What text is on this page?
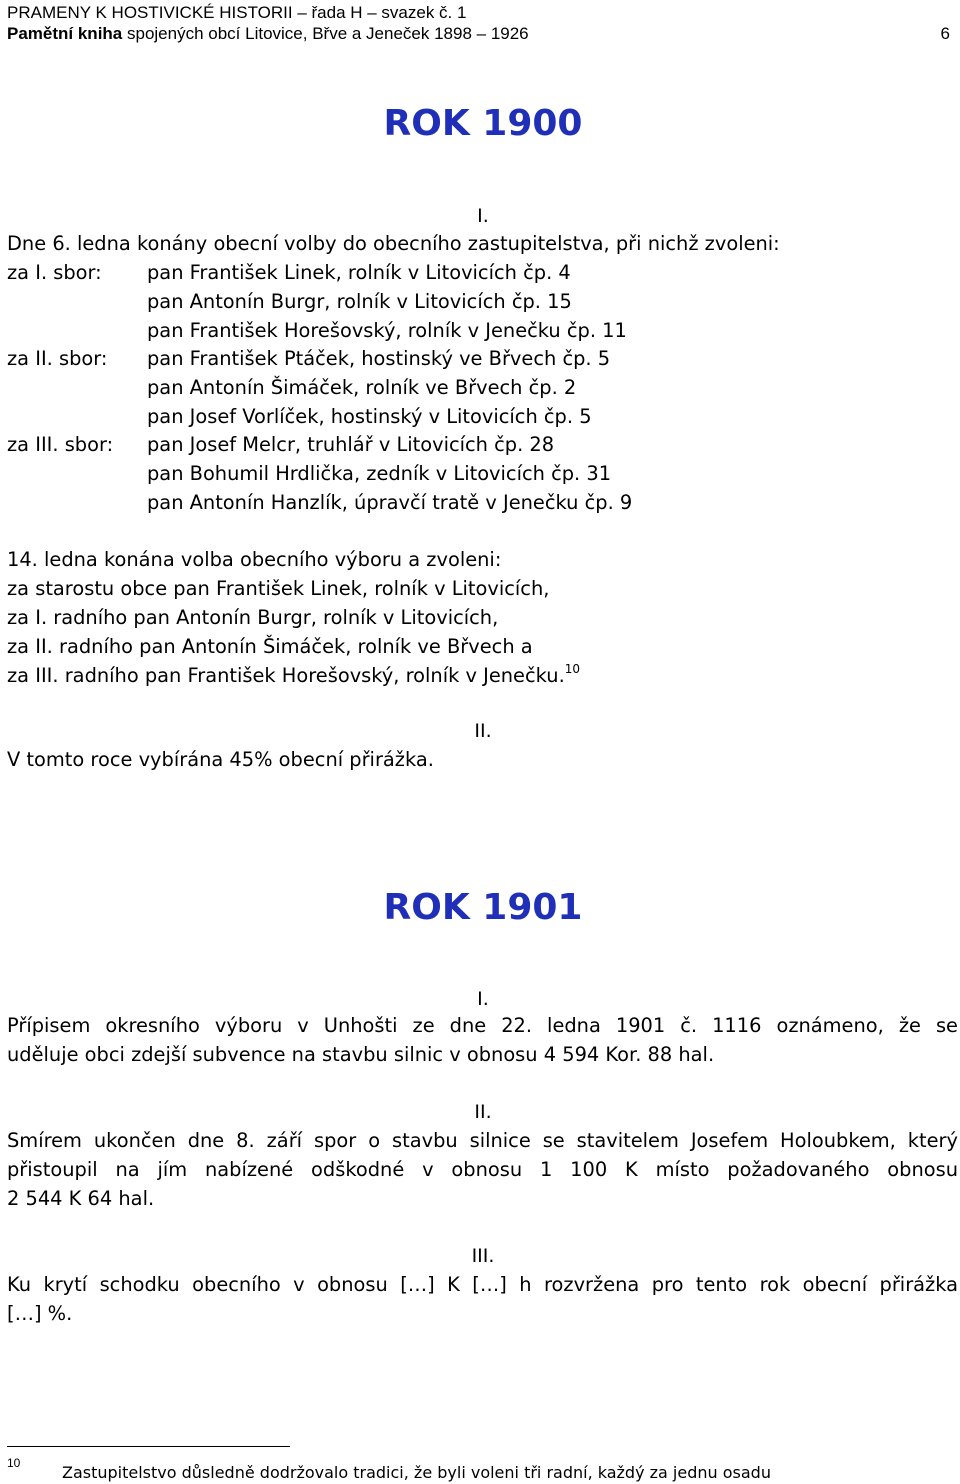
PRAMENY K HOSTIVICKÉ HISTORII – řada H – svazek č. 1
Pamětní kniha spojených obcí Litovice, Břve a Jeneček 1898 – 1926	6
ROK 1900
I.
Dne 6. ledna konány obecní volby do obecního zastupitelstva, při nichž zvoleni:
za I. sbor: pan František Linek, rolník v Litovicích čp. 4
pan Antonín Burgr, rolník v Litovicích čp. 15
pan František Horešovský, rolník v Jenečku čp. 11
za II. sbor: pan František Ptáček, hostinský ve Břvech čp. 5
pan Antonín Šimáček, rolník ve Břvech čp. 2
pan Josef Vorlíček, hostinský v Litovicích čp. 5
za III. sbor: pan Josef Melcr, truhlář v Litovicích čp. 28
pan Bohumil Hrdlička, zedník v Litovicích čp. 31
pan Antonín Hanzlík, úpravčí tratě v Jenečku čp. 9
14. ledna konána volba obecního výboru a zvoleni:
za starostu obce pan František Linek, rolník v Litovicích,
za I. radního pan Antonín Burgr, rolník v Litovicích,
za II. radního pan Antonín Šimáček, rolník ve Břvech a
za III. radního pan František Horešovský, rolník v Jenečku.$^{10}$
II.
V tomto roce vybírána 45% obecní přirážka.
ROK 1901
I.
Přípisem okresního výboru v Unhošti ze dne 22. ledna 1901 č. 1116 oznámeno, že se
uděluje obci zdejší subvence na stavbu silnic v obnosu 4 594 Kor. 88 hal.
II.
Smírem ukončen dne 8. září spor o stavbu silnice se stavitelem Josefem Holoubkem, který
přistoupil na jím nabízené odškodné v obnosu 1 100 K místo požadovaného obnosu
2 544 K 64 hal.
III.
Ku krytí schodku obecního v obnosu […] K […] h rozvržena pro tento rok obecní přirážka
[…] %.
10	Zastupitelstvo důsledně dodržovalo tradici, že byli voleni tři radní, každý za jednu osadu
